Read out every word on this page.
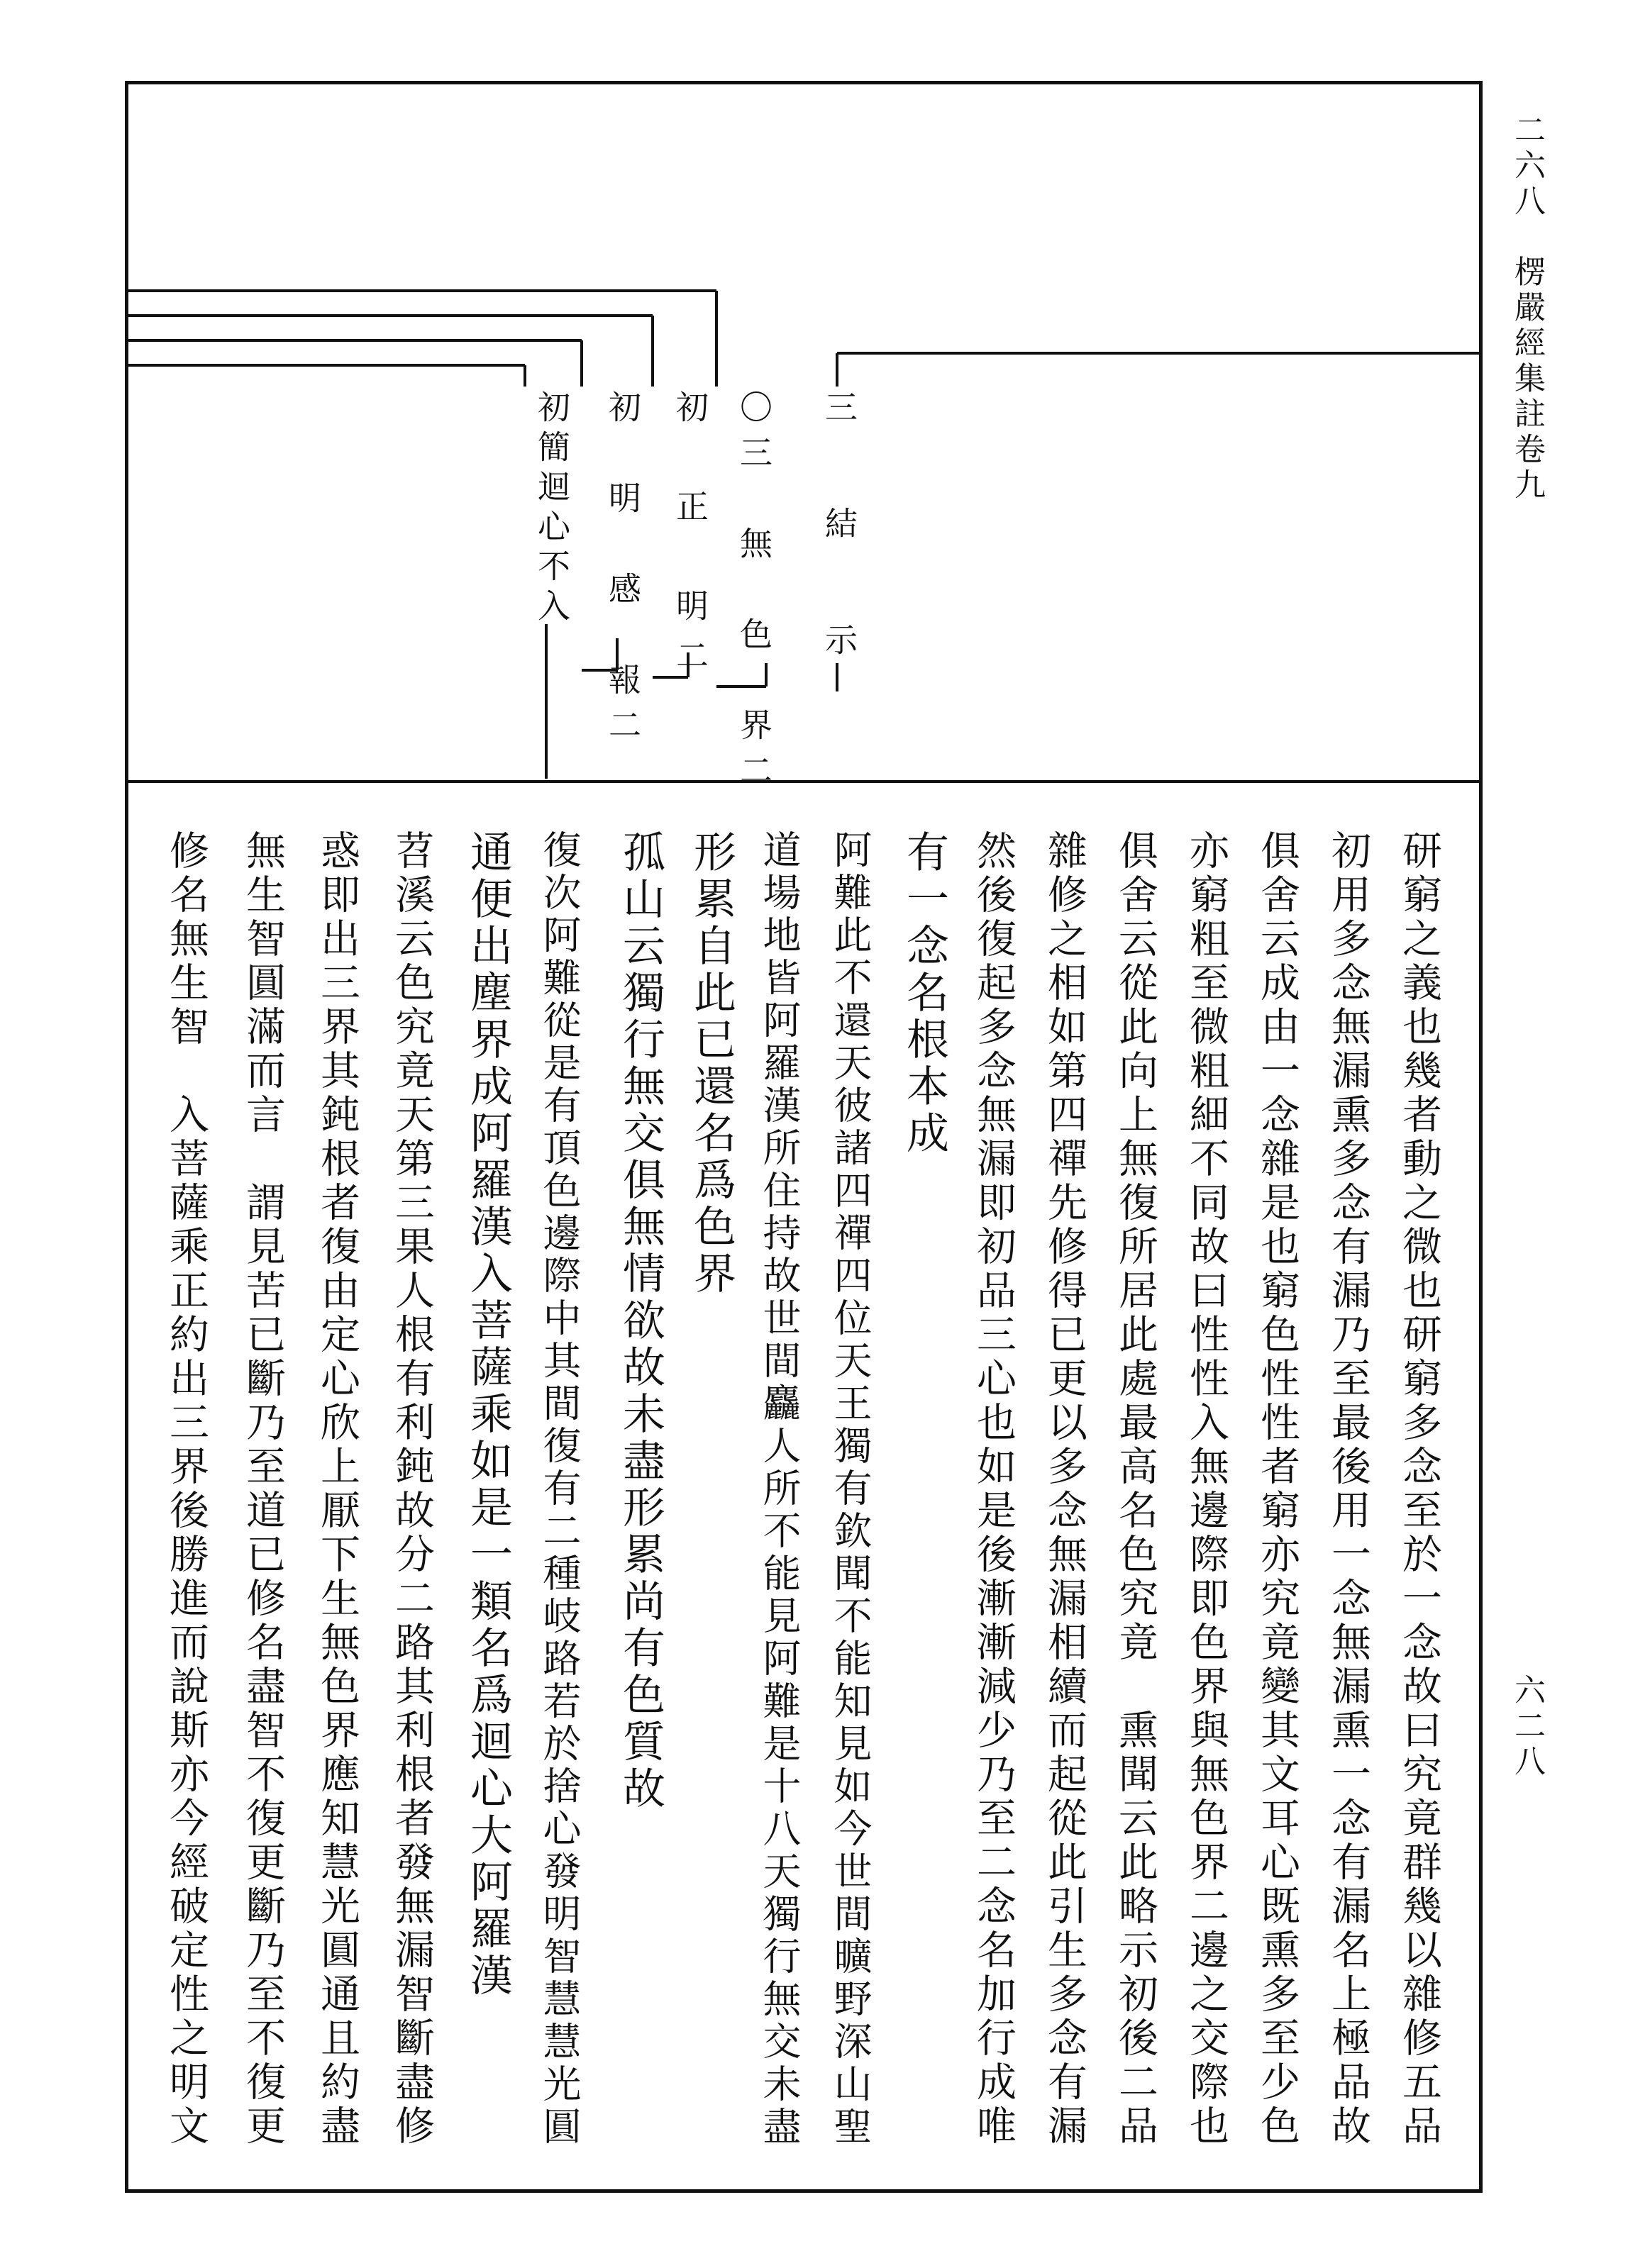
二六八　楞嚴經集註卷九

六二八

三　結　示

〇三　無　色　界二

初　正　明二

初　明　感　報二

初簡迴心不入

研窮之義也幾者動之微也研窮多念至於一念故曰究竟群幾以雜修五品

初用多念無漏熏多念有漏乃至最後用一念無漏熏一念有漏名上極品故

俱舍云成由一念雜是也窮色性性者窮亦究竟變其文耳心既熏多至少色

亦窮粗至微粗細不同故曰性性入無邊際即色界與無色界二邊之交際也

俱舍云從此向上無復所居此處最高名色究竟　熏聞云此略示初後二品

雜修之相如第四禪先修得已更以多念無漏相續而起從此引生多念有漏

然後復起多念無漏即初品三心也如是後漸漸減少乃至二念名加行成唯

有一念名根本成

阿難此不還天彼諸四禪四位天王獨有欽聞不能知見如今世間曠野深山聖

道場地皆阿羅漢所住持故世間麤人所不能見阿難是十八天獨行無交未盡

形累自此已還名爲色界

孤山云獨行無交俱無情欲故未盡形累尚有色質故

復次阿難從是有頂色邊際中其間復有二種岐路若於捨心發明智慧慧光圓

通便出塵界成阿羅漢入菩薩乘如是一類名爲迴心大阿羅漢

苕溪云色究竟天第三果人根有利鈍故分二路其利根者發無漏智斷盡修

惑即出三界其鈍根者復由定心欣上厭下生無色界應知慧光圓通且約盡

無生智圓滿而言　謂見苦已斷乃至道已修名盡智不復更斷乃至不復更

修名無生智　入菩薩乘正約出三界後勝進而說斯亦今經破定性之明文
